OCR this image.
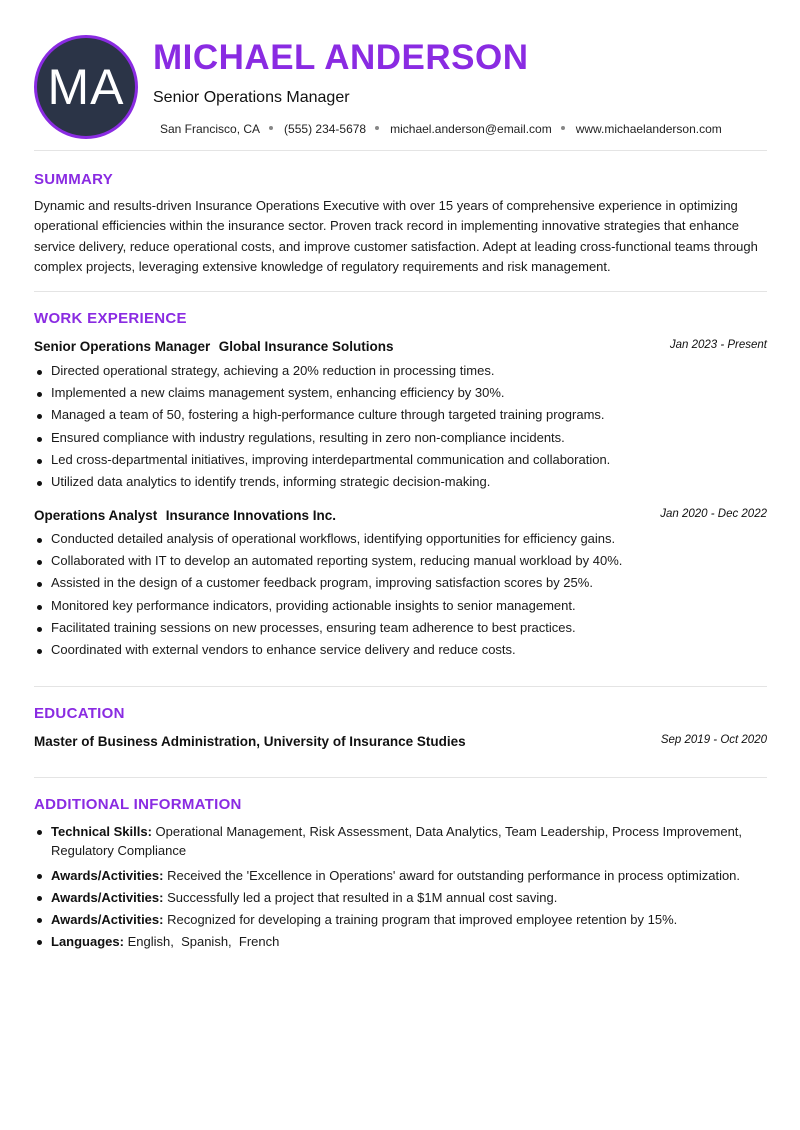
MA
MICHAEL ANDERSON
Senior Operations Manager
San Francisco, CA (555) 234-5678 michael.anderson@email.com www.michaelanderson.com
SUMMARY

Dynamic and results-driven Insurance Operations Executive with over 15 years of comprehensive experience in optimizing operational efficiencies within the insurance sector. Proven track record in implementing innovative strategies that enhance service delivery, reduce operational costs, and improve customer satisfaction. Adept at leading cross-functional teams through complex projects, leveraging extensive knowledge of regulatory requirements and risk management.

WORK EXPERIENCE
Senior Operations Manager Global Insurance Solutions	Jan 2023 - Present
Directed operational strategy, achieving a 20% reduction in processing times.
Implemented a new claims management system, enhancing efficiency by 30%.
Managed a team of 50, fostering a high-performance culture through targeted training programs.
Ensured compliance with industry regulations, resulting in zero non-compliance incidents.
Led cross-departmental initiatives, improving interdepartmental communication and collaboration.
Utilized data analytics to identify trends, informing strategic decision-making.
Operations Analyst Insurance Innovations Inc.	Jan 2020 - Dec 2022
Conducted detailed analysis of operational workflows, identifying opportunities for efficiency gains.
Collaborated with IT to develop an automated reporting system, reducing manual workload by 40%.
Assisted in the design of a customer feedback program, improving satisfaction scores by 25%.
Monitored key performance indicators, providing actionable insights to senior management.
Facilitated training sessions on new processes, ensuring team adherence to best practices.
Coordinated with external vendors to enhance service delivery and reduce costs.
EDUCATION
Master of Business Administration, University of Insurance Studies	Sep 2019 - Oct 2020
ADDITIONAL INFORMATION
Technical Skills: Operational Management, Risk Assessment, Data Analytics, Team Leadership, Process Improvement, Regulatory Compliance
Awards/Activities: Received the 'Excellence in Operations' award for outstanding performance in process optimization.
Awards/Activities: Successfully led a project that resulted in a $1M annual cost saving.
Awards/Activities: Recognized for developing a training program that improved employee retention by 15%.
Languages: English,  Spanish,  French
